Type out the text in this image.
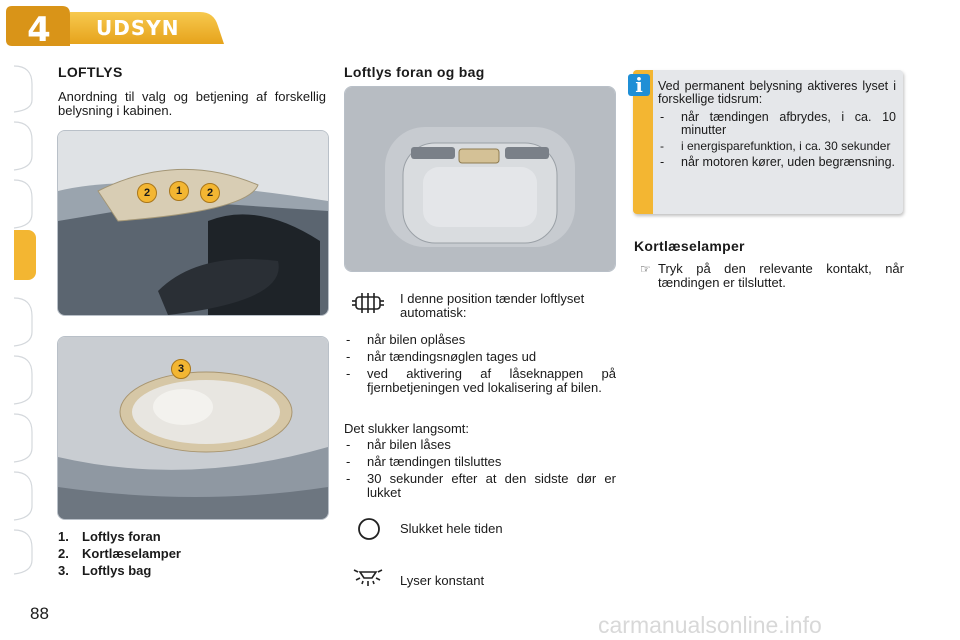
4	UDSYN
LOFTLYS
Anordning til valg og betjening af forskellig belysning i kabinen.
2	1	2
3
1. Loftlys foran
2. Kortlæselamper
3. Loftlys bag
Loftlys foran og bag
I denne position tænder loftlyset automatisk:
- når bilen oplåses
- når tændingsnøglen tages ud
- ved aktivering af låseknappen på fjernbetjeningen ved lokalisering af bilen.
Det slukker langsomt:
- når bilen låses
- når tændingen tilsluttes
- 30 sekunder efter at den sidste dør er lukket
Slukket hele tiden
Lyser konstant
i	Ved permanent belysning aktiveres lyset i forskellige tidsrum:
- når tændingen afbrydes, i ca. 10 minutter
- i energisparefunktion, i ca. 30 sekunder
- når motoren kører, uden begrænsning.
Kortlæselamper
☞ Tryk på den relevante kontakt, når tændingen er tilsluttet.
88	carmanualsonline.info
